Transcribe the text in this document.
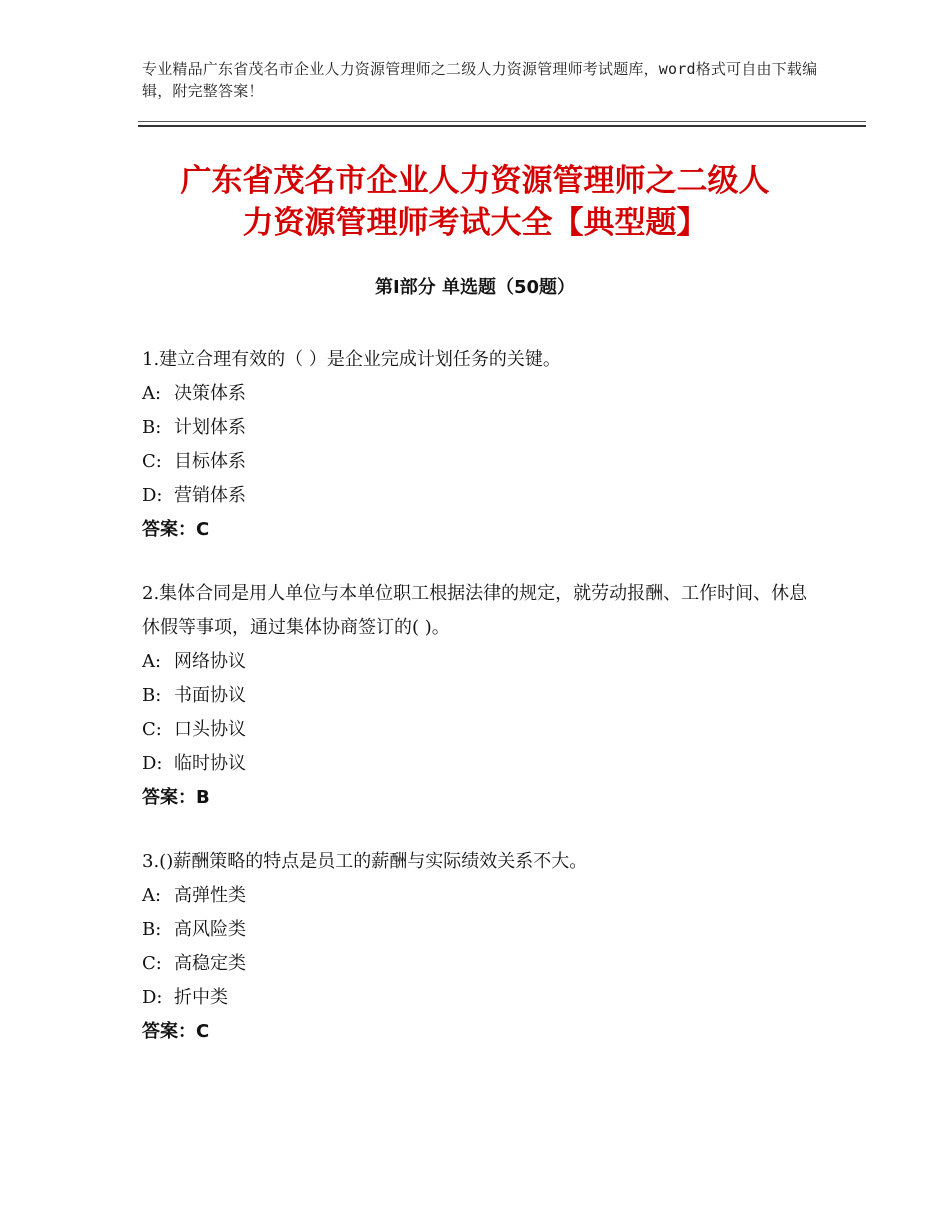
专业精品广东省茂名市企业人力资源管理师之二级人力资源管理师考试题库，word格式可自由下载编辑，附完整答案！
广东省茂名市企业人力资源管理师之二级人
力资源管理师考试大全【典型题】
第Ⅰ部分 单选题（50题）
1.建立合理有效的（ ）是企业完成计划任务的关键。
A: 决策体系
B: 计划体系
C: 目标体系
D: 营销体系
答案：C
2.集体合同是用人单位与本单位职工根据法律的规定，就劳动报酬、工作时间、休息休假等事项，通过集体协商签订的( )。
A: 网络协议
B: 书面协议
C: 口头协议
D: 临时协议
答案：B
3.()薪酬策略的特点是员工的薪酬与实际绩效关系不大。
A: 高弹性类
B: 高风险类
C: 高稳定类
D: 折中类
答案：C
